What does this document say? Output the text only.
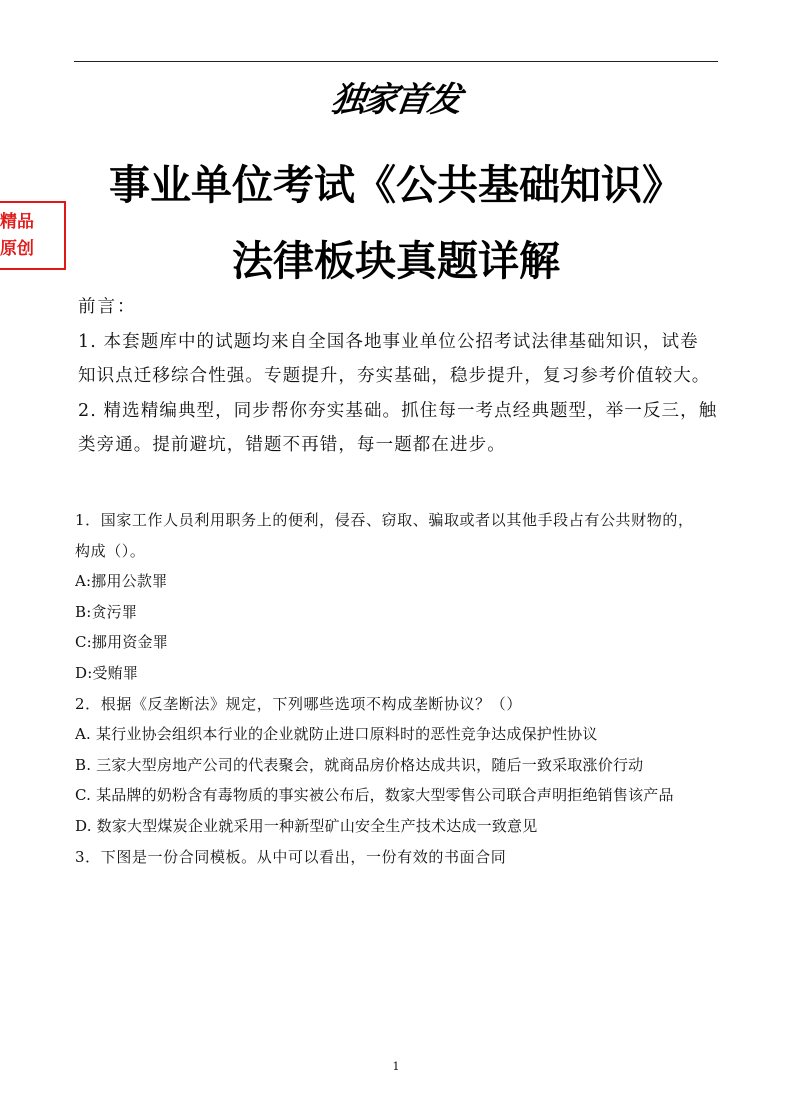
独家首发
事业单位考试《公共基础知识》
法律板块真题详解
精品
原创
前言：
1. 本套题库中的试题均来自全国各地事业单位公招考试法律基础知识，试卷
知识点迁移综合性强。专题提升，夯实基础，稳步提升，复习参考价值较大。
2. 精选精编典型，同步帮你夯实基础。抓住每一考点经典题型，举一反三，触
类旁通。提前避坑，错题不再错，每一题都在进步。
1．国家工作人员利用职务上的便利，侵吞、窃取、骗取或者以其他手段占有公共财物的，
构成（）。
A:挪用公款罪
B:贪污罪
C:挪用资金罪
D:受贿罪
2．根据《反垄断法》规定，下列哪些选项不构成垄断协议？（）
A. 某行业协会组织本行业的企业就防止进口原料时的恶性竞争达成保护性协议
B. 三家大型房地产公司的代表聚会，就商品房价格达成共识，随后一致采取涨价行动
C. 某品牌的奶粉含有毒物质的事实被公布后，数家大型零售公司联合声明拒绝销售该产品
D. 数家大型煤炭企业就采用一种新型矿山安全生产技术达成一致意见
3．下图是一份合同模板。从中可以看出，一份有效的书面合同
1
